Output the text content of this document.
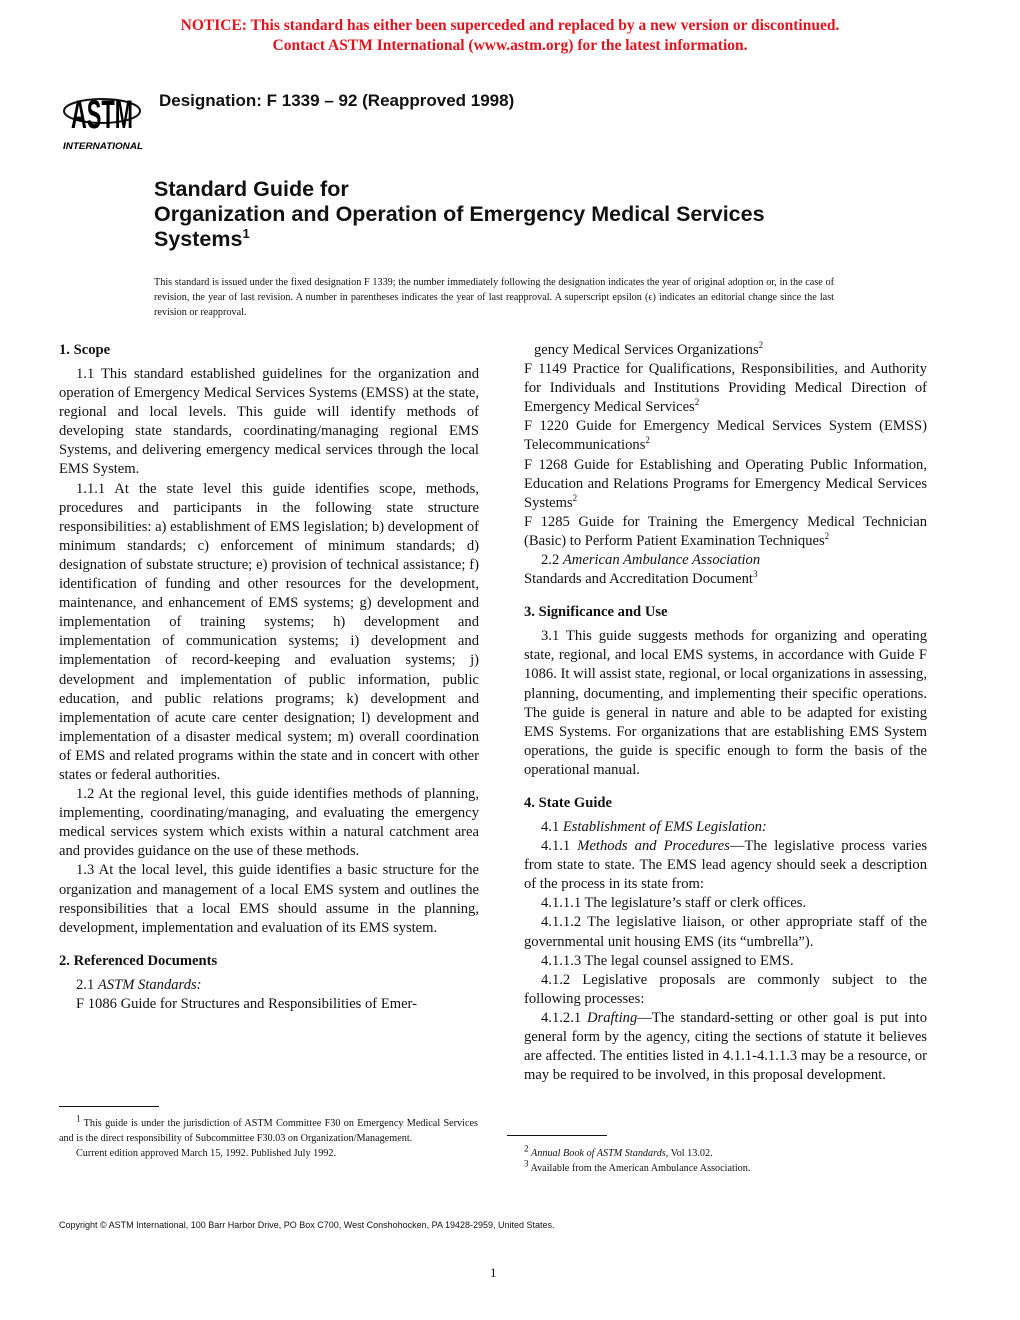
NOTICE: This standard has either been superceded and replaced by a new version or discontinued.
Contact ASTM International (www.astm.org) for the latest information.
ASTM
INTERNATIONAL
Designation: F 1339 – 92 (Reapproved 1998)
Standard Guide for
Organization and Operation of Emergency Medical Services
Systems$^1$
This standard is issued under the fixed designation F 1339; the number immediately following the designation indicates the year of original adoption or, in the case of revision, the year of last revision. A number in parentheses indicates the year of last reapproval. A superscript epsilon (ϵ) indicates an editorial change since the last revision or reapproval.
1. Scope

1.1 This standard established guidelines for the organization and operation of Emergency Medical Services Systems (EMSS) at the state, regional and local levels. This guide will identify methods of developing state standards, coordinating/managing regional EMS Systems, and delivering emergency medical services through the local EMS System.

1.1.1 At the state level this guide identifies scope, methods, procedures and participants in the following state structure responsibilities: a) establishment of EMS legislation; b) development of minimum standards; c) enforcement of minimum standards; d) designation of substate structure; e) provision of technical assistance; f) identification of funding and other resources for the development, maintenance, and enhancement of EMS systems; g) development and implementation of training systems; h) development and implementation of communication systems; i) development and implementation of record-keeping and evaluation systems; j) development and implementation of public information, public education, and public relations programs; k) development and implementation of acute care center designation; l) development and implementation of a disaster medical system; m) overall coordination of EMS and related programs within the state and in concert with other states or federal authorities.

1.2 At the regional level, this guide identifies methods of planning, implementing, coordinating/managing, and evaluating the emergency medical services system which exists within a natural catchment area and provides guidance on the use of these methods.

1.3 At the local level, this guide identifies a basic structure for the organization and management of a local EMS system and outlines the responsibilities that a local EMS should assume in the planning, development, implementation and evaluation of its EMS system.

2. Referenced Documents

2.1 ASTM Standards:

F 1086 Guide for Structures and Responsibilities of Emer-

gency Medical Services Organizations$^2$

F 1149 Practice for Qualifications, Responsibilities, and Authority for Individuals and Institutions Providing Medical Direction of Emergency Medical Services$^2$

F 1220 Guide for Emergency Medical Services System (EMSS) Telecommunications$^2$

F 1268 Guide for Establishing and Operating Public Information, Education and Relations Programs for Emergency Medical Services Systems$^2$

F 1285 Guide for Training the Emergency Medical Technician (Basic) to Perform Patient Examination Techniques$^2$

2.2 American Ambulance Association

Standards and Accreditation Document$^3$

3. Significance and Use

3.1 This guide suggests methods for organizing and operating state, regional, and local EMS systems, in accordance with Guide F 1086. It will assist state, regional, or local organizations in assessing, planning, documenting, and implementing their specific operations. The guide is general in nature and able to be adapted for existing EMS Systems. For organizations that are establishing EMS System operations, the guide is specific enough to form the basis of the operational manual.

4. State Guide

4.1 Establishment of EMS Legislation:

4.1.1 Methods and Procedures—The legislative process varies from state to state. The EMS lead agency should seek a description of the process in its state from:

4.1.1.1 The legislature’s staff or clerk offices.

4.1.1.2 The legislative liaison, or other appropriate staff of the governmental unit housing EMS (its “umbrella”).

4.1.1.3 The legal counsel assigned to EMS.

4.1.2 Legislative proposals are commonly subject to the following processes:

4.1.2.1 Drafting—The standard-setting or other goal is put into general form by the agency, citing the sections of statute it believes are affected. The entities listed in 4.1.1-4.1.1.3 may be a resource, or may be required to be involved, in this proposal development.

$^1$ This guide is under the jurisdiction of ASTM Committee F30 on Emergency Medical Services and is the direct responsibility of Subcommittee F30.03 on Organization/Management.
Current edition approved March 15, 1992. Published July 1992.	$^2$ Annual Book of ASTM Standards, Vol 13.02.
$^3$ Available from the American Ambulance Association.
Copyright © ASTM International, 100 Barr Harbor Drive, PO Box C700, West Conshohocken, PA 19428-2959, United States.
1
